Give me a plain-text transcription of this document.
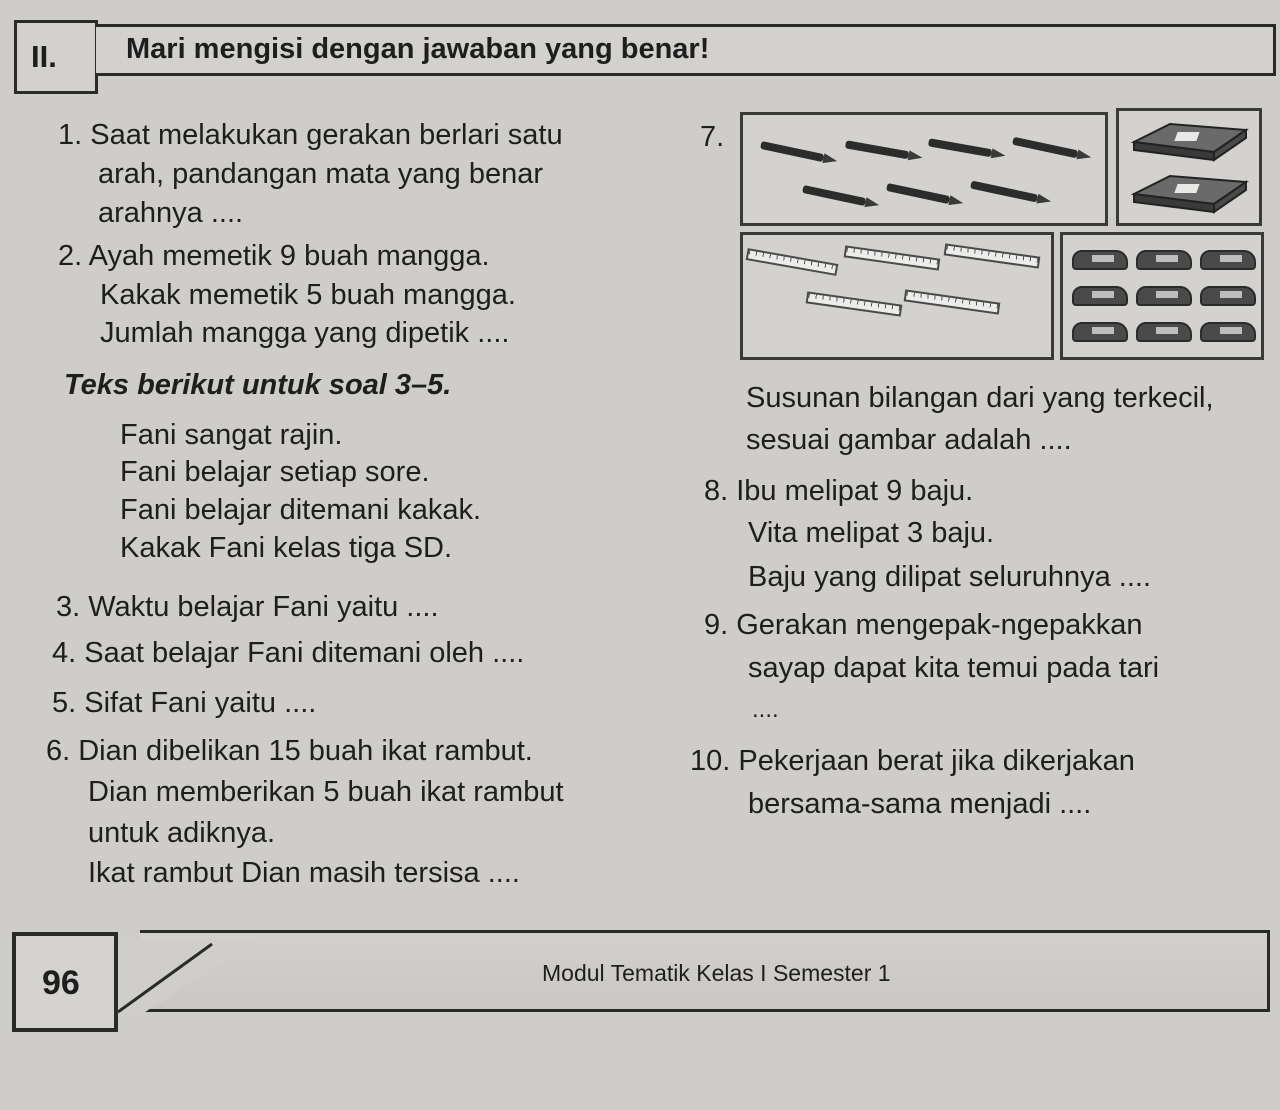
II.	Mari mengisi dengan jawaban yang benar!
1. Saat melakukan gerakan berlari satu
arah, pandangan mata yang benar
arahnya ....
2. Ayah memetik 9 buah mangga.
Kakak memetik 5 buah mangga.
Jumlah mangga yang dipetik ....
Teks berikut untuk soal 3–5.
Fani sangat rajin.
Fani belajar setiap sore.
Fani belajar ditemani kakak.
Kakak Fani kelas tiga SD.
3. Waktu belajar Fani yaitu ....
4. Saat belajar Fani ditemani oleh ....
5. Sifat Fani yaitu ....
6. Dian dibelikan 15 buah ikat rambut.
Dian memberikan 5 buah ikat rambut
untuk adiknya.
Ikat rambut Dian masih tersisa ....
7.
Susunan bilangan dari yang terkecil,
sesuai gambar adalah ....
8. Ibu melipat 9 baju.
Vita melipat 3 baju.
Baju yang dilipat seluruhnya ....
9. Gerakan mengepak-ngepakkan
sayap dapat kita temui pada tari
....
10. Pekerjaan berat jika dikerjakan
bersama-sama menjadi ....
96	Modul Tematik Kelas I Semester 1
